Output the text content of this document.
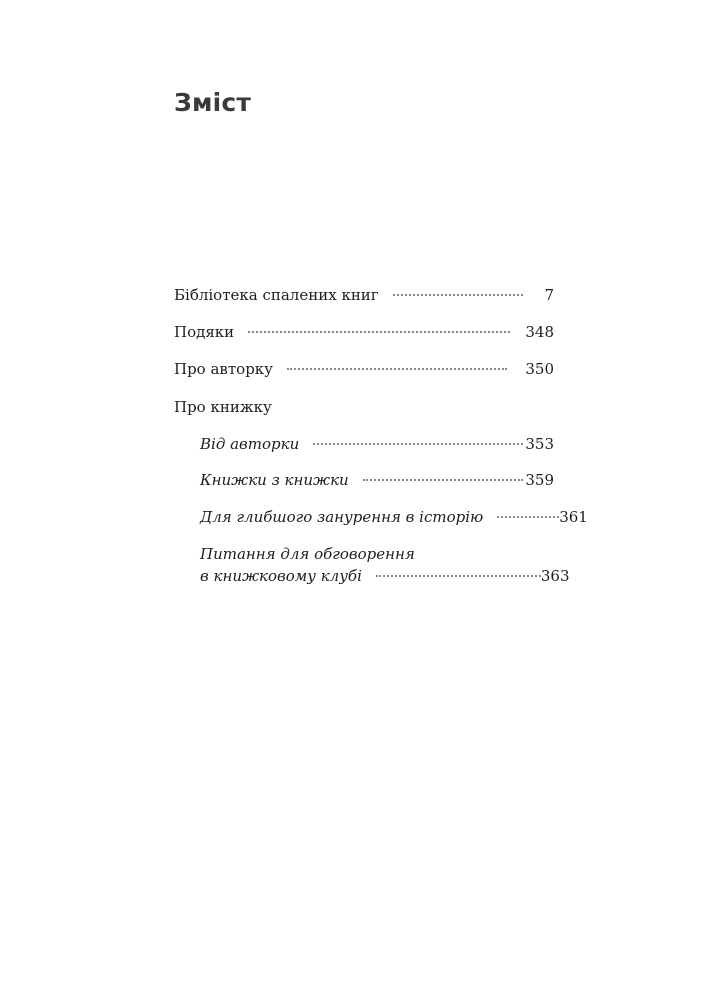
Зміст
Бібліотека спалених книг	7
Подяки	348
Про авторку	350
Про книжку
Від авторки	353
Книжки з книжки	359
Для глибшого занурення в історію	361
Питання для обговорення
в книжковому клубі	363
